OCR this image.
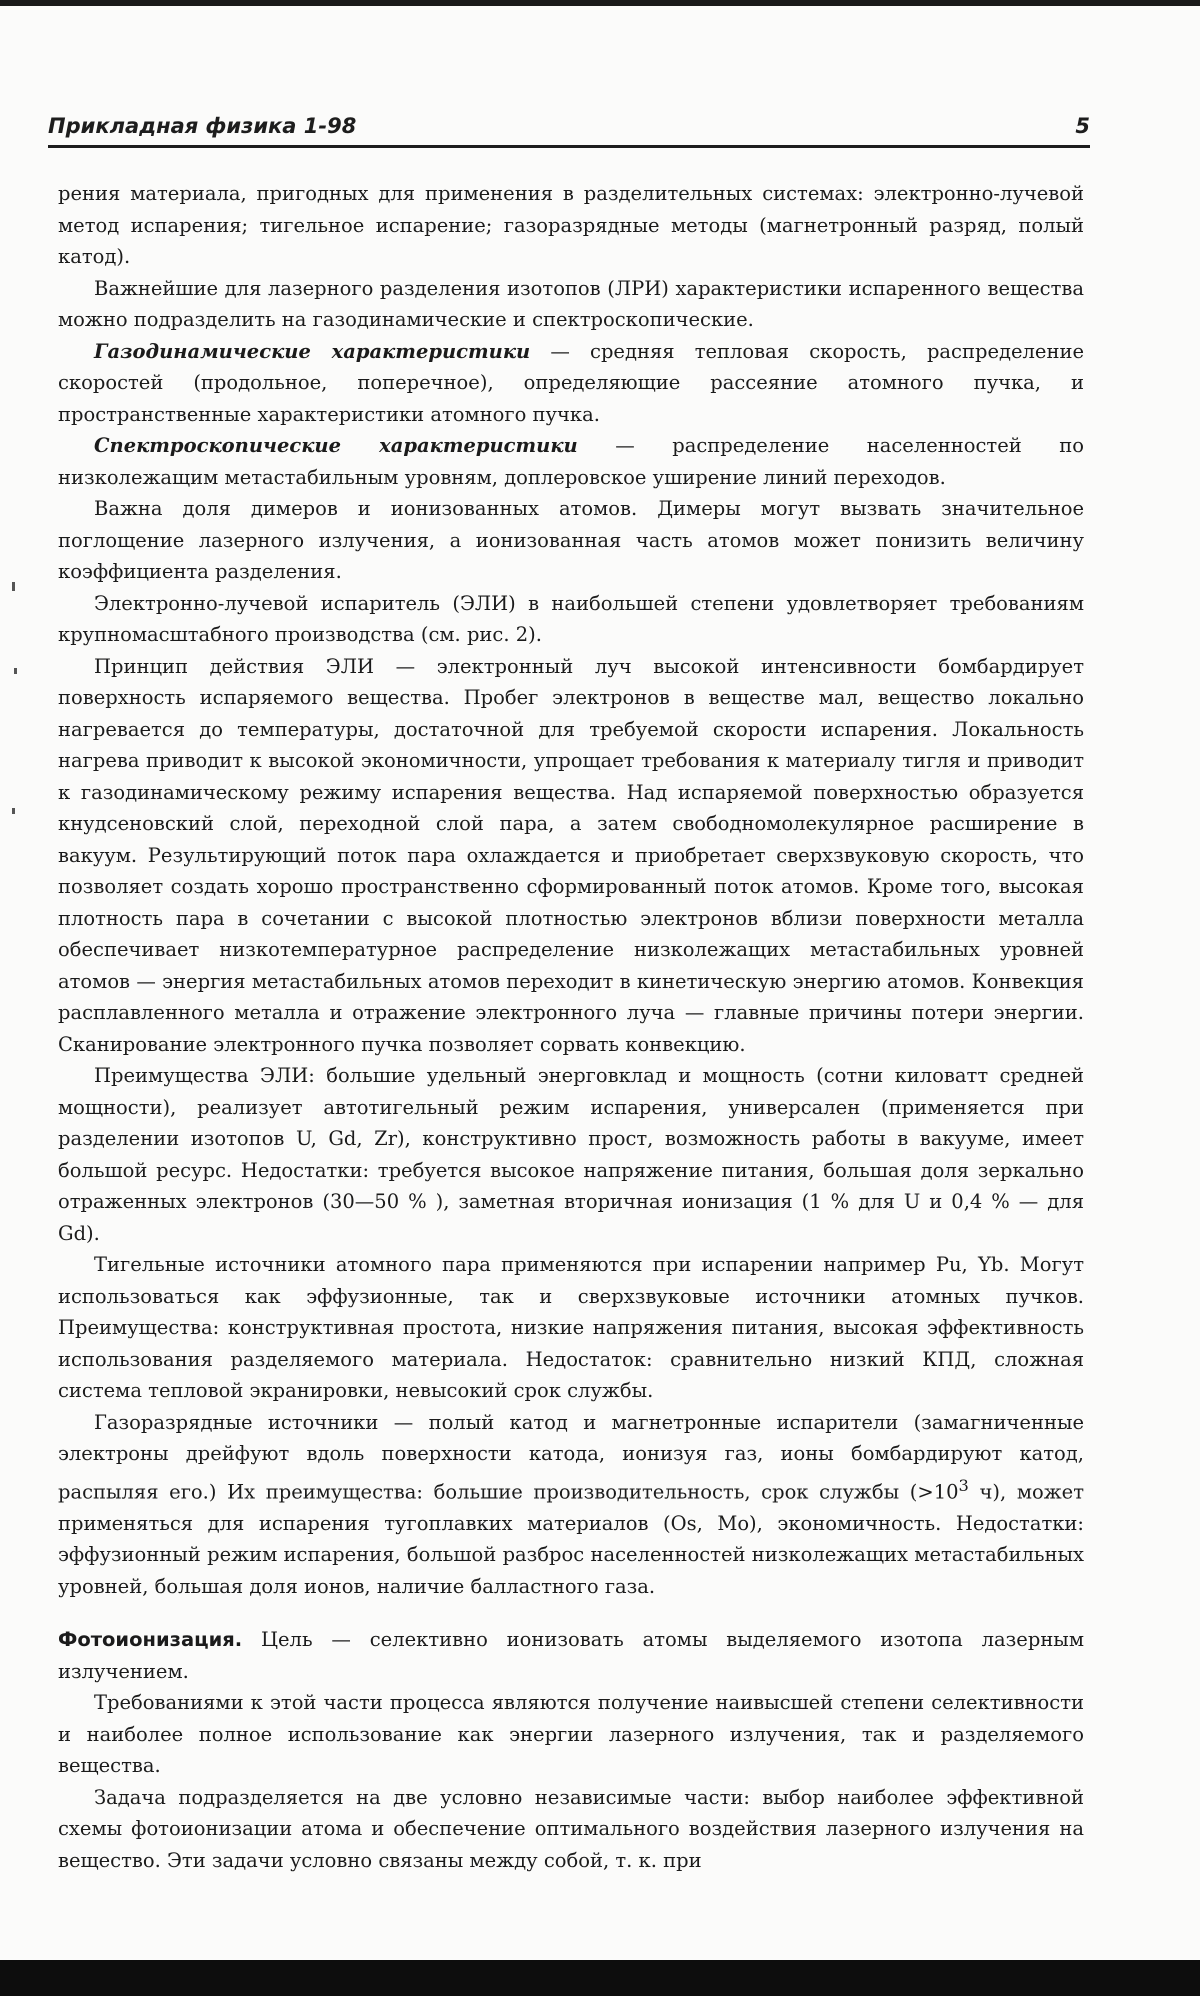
Прикладная физика 1-98	5

рения материала, пригодных для применения в разделительных системах: электронно-лучевой метод испарения; тигельное испарение; газоразрядные методы (магнетронный разряд, полый катод).

Важнейшие для лазерного разделения изотопов (ЛРИ) характеристики испаренного вещества можно подразделить на газодинамические и спектроскопические.

Газодинамические характеристики — средняя тепловая скорость, распределение скоростей (продольное, поперечное), определяющие рассеяние атомного пучка, и пространственные характеристики атомного пучка.

Спектроскопические характеристики — распределение населенностей по низколежащим метастабильным уровням, доплеровское уширение линий переходов.

Важна доля димеров и ионизованных атомов. Димеры могут вызвать значительное поглощение лазерного излучения, а ионизованная часть атомов может понизить величину коэффициента разделения.

Электронно-лучевой испаритель (ЭЛИ) в наибольшей степени удовлетворяет требованиям крупномасштабного производства (см. рис. 2).

Принцип действия ЭЛИ — электронный луч высокой интенсивности бомбардирует поверхность испаряемого вещества. Пробег электронов в веществе мал, вещество локально нагревается до температуры, достаточной для требуемой скорости испарения. Локальность нагрева приводит к высокой экономичности, упрощает требования к материалу тигля и приводит к газодинамическому режиму испарения вещества. Над испаряемой поверхностью образуется кнудсеновский слой, переходной слой пара, а затем свободномолекулярное расширение в вакуум. Результирующий поток пара охлаждается и приобретает сверхзвуковую скорость, что позволяет создать хорошо пространственно сформированный поток атомов. Кроме того, высокая плотность пара в сочетании с высокой плотностью электронов вблизи поверхности металла обеспечивает низкотемпературное распределение низколежащих метастабильных уровней атомов — энергия метастабильных атомов переходит в кинетическую энергию атомов. Конвекция расплавленного металла и отражение электронного луча — главные причины потери энергии. Сканирование электронного пучка позволяет сорвать конвекцию.

Преимущества ЭЛИ: большие удельный энерговклад и мощность (сотни киловатт средней мощности), реализует автотигельный режим испарения, универсален (применяется при разделении изотопов U, Gd, Zr), конструктивно прост, возможность работы в вакууме, имеет большой ресурс. Недостатки: требуется высокое напряжение питания, большая доля зеркально отраженных электронов (30—50 % ), заметная вторичная ионизация (1 % для U и 0,4 % — для Gd).

Тигельные источники атомного пара применяются при испарении например Pu, Yb. Могут использоваться как эффузионные, так и сверхзвуковые источники атомных пучков. Преимущества: конструктивная простота, низкие напряжения питания, высокая эффективность использования разделяемого материала. Недостаток: сравнительно низкий КПД, сложная система тепловой экранировки, невысокий срок службы.

Газоразрядные источники — полый катод и магнетронные испарители (замагниченные электроны дрейфуют вдоль поверхности катода, ионизуя газ, ионы бомбардируют катод, распыляя его.) Их преимущества: большие производительность, срок службы ($>10^3$ ч), может применяться для испарения тугоплавких материалов (Os, Mo), экономичность. Недостатки: эффузионный режим испарения, большой разброс населенностей низколежащих метастабильных уровней, большая доля ионов, наличие балластного газа.

Фотоионизация. Цель — селективно ионизовать атомы выделяемого изотопа лазерным излучением.

Требованиями к этой части процесса являются получение наивысшей степени селективности и наиболее полное использование как энергии лазерного излучения, так и разделяемого вещества.

Задача подразделяется на две условно независимые части: выбор наиболее эффективной схемы фотоионизации атома и обеспечение оптимального воздействия лазерного излучения на вещество. Эти задачи условно связаны между собой, т. к. при
